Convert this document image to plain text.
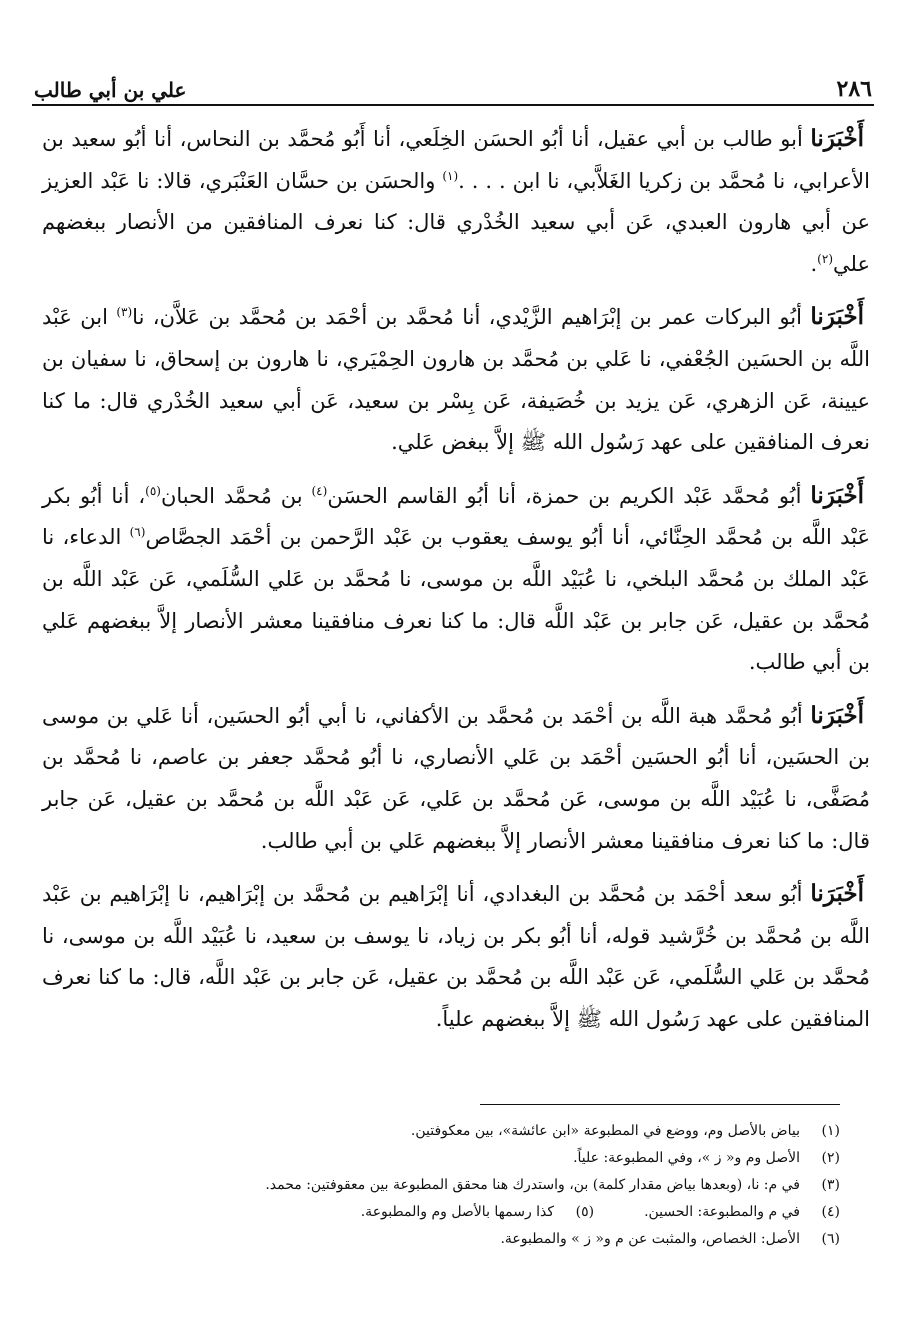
٢٨٦
علي بن أبي طالب

أَخْبَرَنا أبو طالب بن أبي عقيل، أنا أبُو الحسَن الخِلَعي، أنا أَبُو مُحمَّد بن النحاس، أنا أبُو سعيد بن الأعرابي، نا مُحمَّد بن زكريا الغَلاَّبي، نا ابن . . . .$^{(١)}$ والحسَن بن حسَّان العَنْبَري، قالا: نا عَبْد العزيز عن أبي هارون العبدي، عَن أبي سعيد الخُدْري قال: كنا نعرف المنافقين من الأنصار ببغضهم علي$^{(٢)}$.

أَخْبَرَنا أبُو البركات عمر بن إبْرَاهيم الزَّيْدي، أنا مُحمَّد بن أحْمَد بن مُحمَّد بن عَلاَّن، نا$^{(٣)}$ ابن عَبْد اللَّه بن الحسَين الجُعْفي، نا عَلي بن مُحمَّد بن هارون الحِمْيَري، نا هارون بن إسحاق، نا سفيان بن عيينة، عَن الزهري، عَن يزيد بن خُصَيفة، عَن بِسْر بن سعيد، عَن أبي سعيد الخُدْري قال: ما كنا نعرف المنافقين على عهد رَسُول الله ﷺ إلاَّ ببغض عَلي.

أَخْبَرَنا أبُو مُحمَّد عَبْد الكريم بن حمزة، أنا أبُو القاسم الحسَن$^{(٤)}$ بن مُحمَّد الحبان$^{(٥)}$، أنا أبُو بكر عَبْد اللَّه بن مُحمَّد الحِنَّائي، أنا أبُو يوسف يعقوب بن عَبْد الرَّحمن بن أحْمَد الجصَّاص$^{(٦)}$ الدعاء، نا عَبْد الملك بن مُحمَّد البلخي، نا عُبَيْد اللَّه بن موسى، نا مُحمَّد بن عَلي السُّلَمي، عَن عَبْد اللَّه بن مُحمَّد بن عقيل، عَن جابر بن عَبْد اللَّه قال: ما كنا نعرف منافقينا معشر الأنصار إلاَّ ببغضهم عَلي بن أبي طالب.

أَخْبَرَنا أبُو مُحمَّد هبة اللَّه بن أحْمَد بن مُحمَّد بن الأكفاني، نا أبي أبُو الحسَين، أنا عَلي بن موسى بن الحسَين، أنا أبُو الحسَين أحْمَد بن عَلي الأنصاري، نا أبُو مُحمَّد جعفر بن عاصم، نا مُحمَّد بن مُصَفَّى، نا عُبَيْد اللَّه بن موسى، عَن مُحمَّد بن عَلي، عَن عَبْد اللَّه بن مُحمَّد بن عقيل، عَن جابر قال: ما كنا نعرف منافقينا معشر الأنصار إلاَّ ببغضهم عَلي بن أبي طالب.

أَخْبَرَنا أبُو سعد أحْمَد بن مُحمَّد بن البغدادي، أنا إبْرَاهيم بن مُحمَّد بن إبْرَاهيم، نا إبْرَاهيم بن عَبْد اللَّه بن مُحمَّد بن خُرَّشيد قوله، أنا أبُو بكر بن زياد، نا يوسف بن سعيد، نا عُبَيْد اللَّه بن موسى، نا مُحمَّد بن عَلي السُّلَمي، عَن عَبْد اللَّه بن مُحمَّد بن عقيل، عَن جابر بن عَبْد اللَّه، قال: ما كنا نعرف المنافقين على عهد رَسُول الله ﷺ إلاَّ ببغضهم علياً.

(١)
بياض بالأصل وم، ووضع في المطبوعة «ابن عائشة»، بين معكوفتين.
(٢)
الأصل وم و« ز »، وفي المطبوعة: علياً.
(٣)
في م: نا، (وبعدها بياض مقدار كلمة) بن، واستدرك هنا محقق المطبوعة بين معقوفتين: محمد.
(٤)
في م والمطبوعة: الحسين.
(٥)
كذا رسمها بالأصل وم والمطبوعة.
(٦)
الأصل: الخصاص، والمثبت عن م و« ز » والمطبوعة.
